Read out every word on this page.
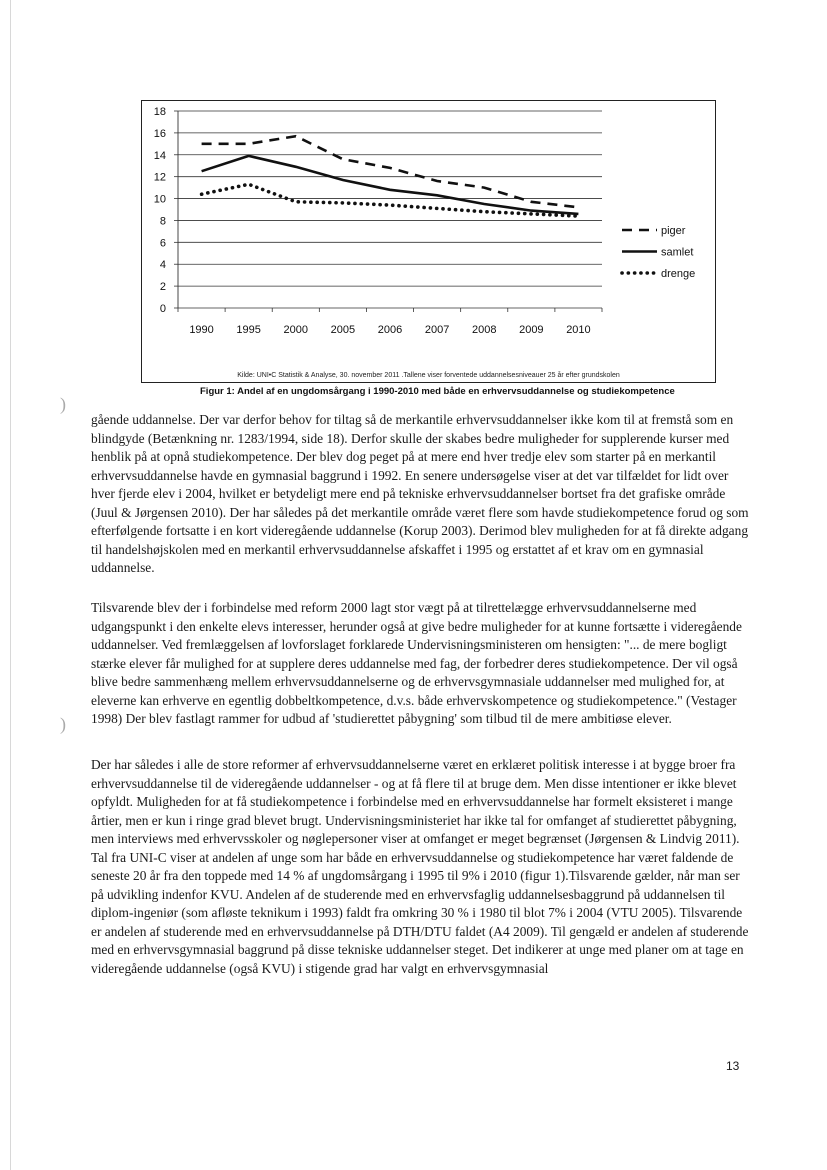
0
2
4
6
8
10
12
14
16
18
1990 1995 2000 2005 2006 2007 2008 2009 2010
piger
samlet
drenge
Kilde: UNI•C Statistik & Analyse, 30. november 2011 .Tallene viser forventede uddannelsesniveauer 25 år efter grundskolen
Figur 1: Andel af en ungdomsårgang i 1990-2010 med både en erhvervsuddannelse og studiekompetence
)
)

gående uddannelse. Der var derfor behov for tiltag så de merkantile erhvervsuddannelser ikke kom til at fremstå som en blindgyde (Betænkning nr. 1283/1994, side 18). Derfor skulle der skabes bedre muligheder for supplerende kurser med henblik på at opnå studiekompetence. Der blev dog peget på at mere end hver tredje elev som starter på en merkantil erhvervsuddannelse havde en gymnasial baggrund i 1992. En senere undersøgelse viser at det var tilfældet for lidt over hver fjerde elev i 2004, hvilket er betydeligt mere end på tekniske erhvervsuddannelser bortset fra det grafiske område (Juul & Jørgensen 2010). Der har således på det merkantile område været flere som havde studiekompetence forud og som efterfølgende fortsatte i en kort videregående uddannelse (Korup 2003). Derimod blev muligheden for at få direkte adgang til handelshøjskolen med en merkantil erhvervsuddannelse afskaffet i 1995 og erstattet af et krav om en gymnasial uddannelse.

Tilsvarende blev der i forbindelse med reform 2000 lagt stor vægt på at tilrettelægge erhvervsuddannelserne med udgangspunkt i den enkelte elevs interesser, herunder også at give bedre muligheder for at kunne fortsætte i videregående uddannelser. Ved fremlæggelsen af lovforslaget forklarede Undervisningsministeren om hensigten: "... de mere bogligt stærke elever får mulighed for at supplere deres uddannelse med fag, der forbedrer deres studiekompetence. Der vil også blive bedre sammenhæng mellem erhvervsuddannelserne og de erhvervsgymnasiale uddannelser med mulighed for, at eleverne kan erhverve en egentlig dobbeltkompetence, d.v.s. både erhvervskompetence og studiekompetence." (Vestager 1998) Der blev fastlagt rammer for udbud af 'studierettet påbygning' som tilbud til de mere ambitiøse elever.

Der har således i alle de store reformer af erhvervsuddannelserne været en erklæret politisk interesse i at bygge broer fra erhvervsuddannelse til de videregående uddannelser - og at få flere til at bruge dem. Men disse intentioner er ikke blevet opfyldt. Muligheden for at få studiekompetence i forbindelse med en erhvervsuddannelse har formelt eksisteret i mange årtier, men er kun i ringe grad blevet brugt. Undervisningsministeriet har ikke tal for omfanget af studierettet påbygning, men interviews med erhvervsskoler og nøglepersoner viser at omfanget er meget begrænset (Jørgensen & Lindvig 2011). Tal fra UNI-C viser at andelen af unge som har både en erhvervsuddannelse og studiekompetence har været faldende de seneste 20 år fra den toppede med 14 % af ungdomsårgang i 1995 til 9% i 2010 (figur 1).Tilsvarende gælder, når man ser på udvikling indenfor KVU. Andelen af de studerende med en erhvervsfaglig uddannelsesbaggrund på uddannelsen til diplom-ingeniør (som afløste teknikum i 1993) faldt fra omkring 30 % i 1980 til blot 7% i 2004 (VTU 2005). Tilsvarende er andelen af studerende med en erhvervsuddannelse på DTH/DTU faldet (A4 2009). Til gengæld er andelen af studerende med en erhvervsgymnasial baggrund på disse tekniske uddannelser steget. Det indikerer at unge med planer om at tage en videregående uddannelse (også KVU) i stigende grad har valgt en erhvervsgymnasial

13
